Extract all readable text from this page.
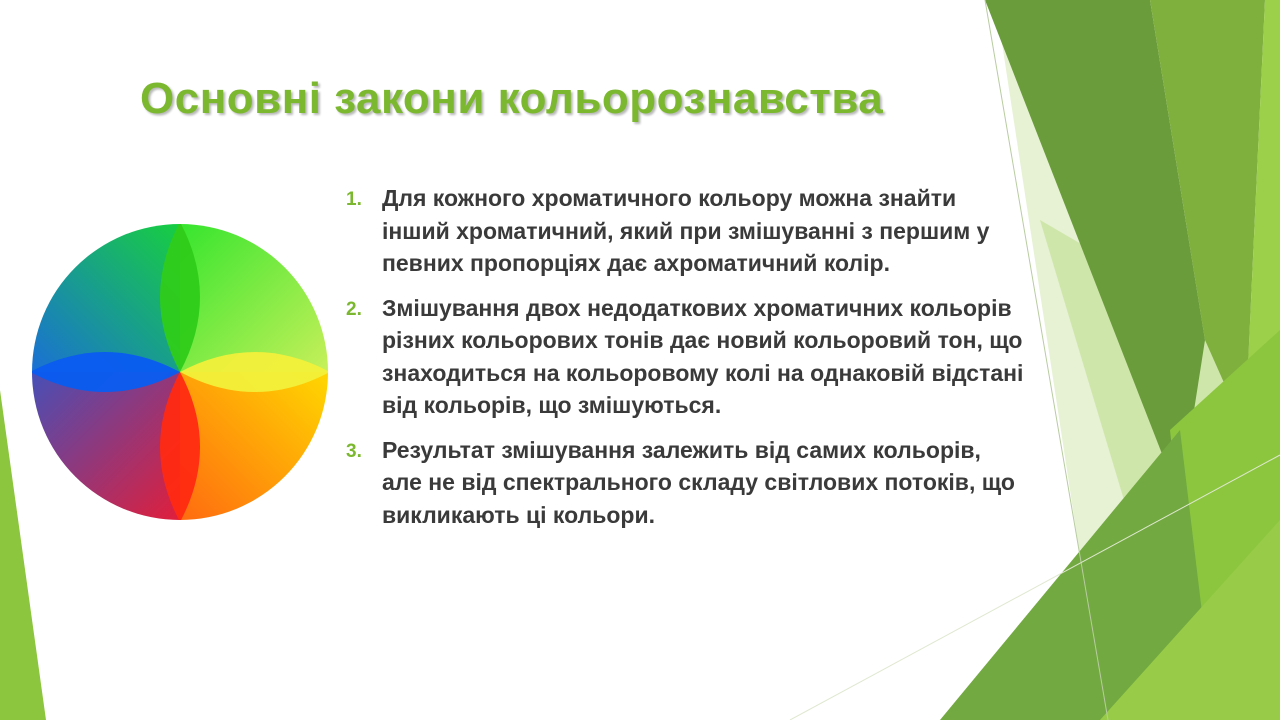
Основні закони кольорознавства
1. Для кожного хроматичного кольору можна знайти інший хроматичний, який при змішуванні з першим у певних пропорціях дає ахроматичний колір.
2. Змішування двох недодаткових хроматичних кольорів різних кольорових тонів дає новий кольоровий тон, що знаходиться на кольоровому колі на однаковій відстані від кольорів, що змішуються.
3. Результат змішування залежить від самих кольорів, але не від спектрального складу світлових потоків, що викликають ці кольори.
